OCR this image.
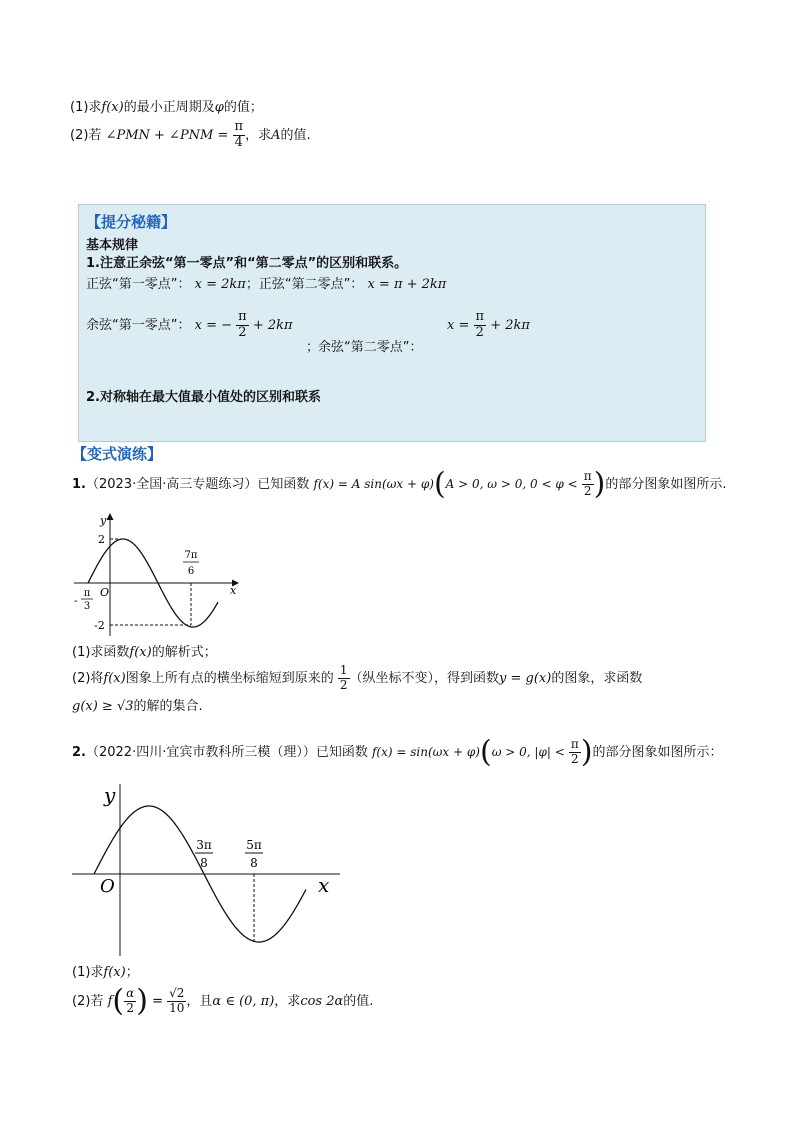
(1)求f(x)的最小正周期及φ的值；
(2)若 ∠PMN + ∠PNM = $\frac{\pi}{4}$ ，求A的值.
【提分秘籍】
基本规律
1.注意正余弦“第一零点”和“第二零点”的区别和联系。
正弦“第一零点”： x = 2kπ；正弦“第二零点”： x = π + 2kπ
余弦“第一零点”： x = − $\frac{\pi}{2} + 2k\pi$
；
余弦“第二零点”：
$x = \frac{\pi}{2} + 2k\pi$
2.对称轴在最大值最小值处的区别和联系
【变式演练】
1.（2023·全国·高三专题练习）已知函数 f(x) = A sin(ωx + φ)(A > 0, ω > 0, $0 < \varphi < \frac{\pi}{2}$ )的部分图象如图所示.
y
x
O
2
-2
-
π
3
7π
6
(1)求函数f(x)的解析式；
(2)将f(x)图象上所有点的横坐标缩短到原来的 $\frac{1}{2}$ （纵坐标不变），得到函数y = g(x)的图象，求函数
g(x) ≥ √3的解的集合.
2.（2022·四川·宜宾市教科所三模（理））已知函数 f(x) = sin(ωx + φ)(ω > 0, $|\varphi| < \frac{\pi}{2}$ )的部分图象如图所示：
y
x
O
3π
8
5π
8
(1)求f(x)；
(2)若 $f( \frac{\alpha}{2}$ ) = $\frac{√2}{10}$ ，且α ∈ (0, π)，求cos 2α的值.
